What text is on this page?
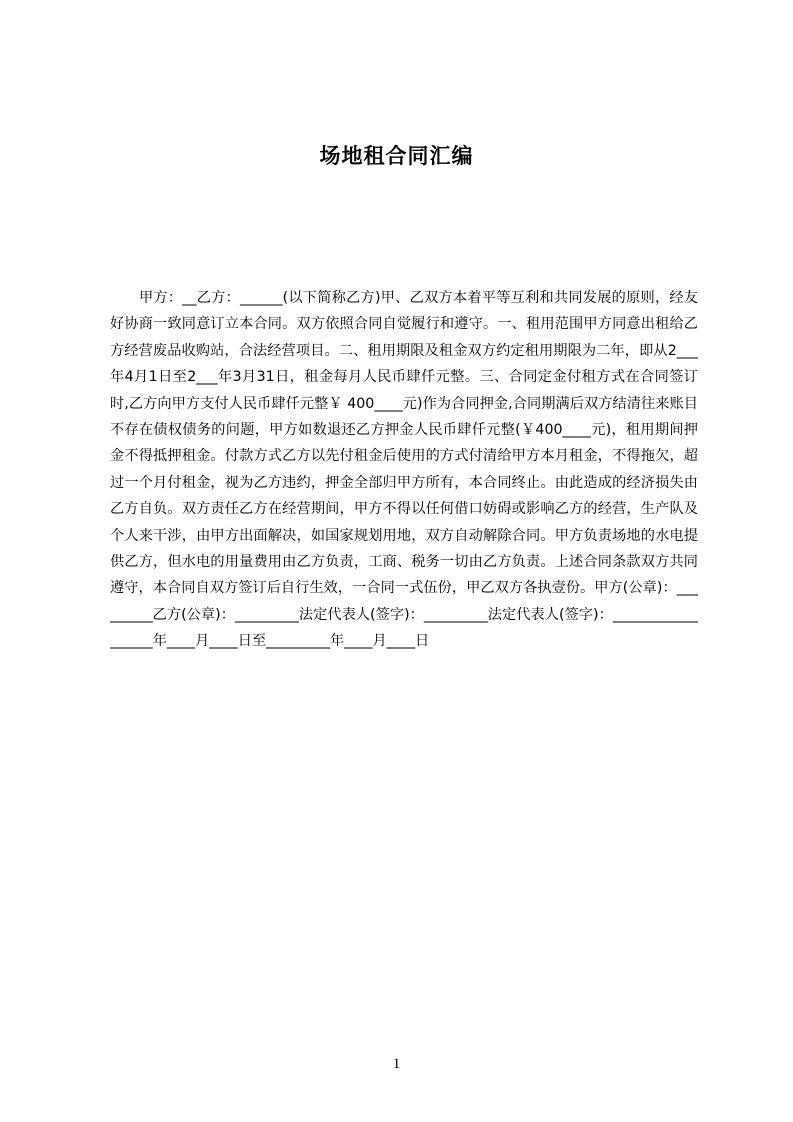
场地租合同汇编

甲方：__乙方：______(以下简称乙方)甲、乙双方本着平等互利和共同发展的原则，经友好协商一致同意订立本合同。双方依照合同自觉履行和遵守。一、租用范围甲方同意出租给乙方经营废品收购站，合法经营项目。二、租用期限及租金双方约定租用期限为二年，即从2___年4月1日至2___年3月31日，租金每月人民币肆仟元整。三、合同定金付租方式在合同签订时,乙方向甲方支付人民币肆仟元整￥ 400____元)作为合同押金,合同期满后双方结清往来账目不存在债权债务的问题，甲方如数退还乙方押金人民币肆仟元整(￥400____元)，租用期间押金不得抵押租金。付款方式乙方以先付租金后使用的方式付清给甲方本月租金，不得拖欠，超过一个月付租金，视为乙方违约，押金全部归甲方所有，本合同终止。由此造成的经济损失由乙方自负。双方责任乙方在经营期间，甲方不得以任何借口妨碍或影响乙方的经营，生产队及个人来干涉，由甲方出面解决，如国家规划用地，双方自动解除合同。甲方负责场地的水电提供乙方，但水电的用量费用由乙方负责，工商、税务一切由乙方负责。上述合同条款双方共同遵守，本合同自双方签订后自行生效，一合同一式伍份，甲乙双方各执壹份。甲方(公章)：_________乙方(公章)：_________法定代表人(签字)：_________法定代表人(签字)：__________________年____月____日至_________年____月____日

1
